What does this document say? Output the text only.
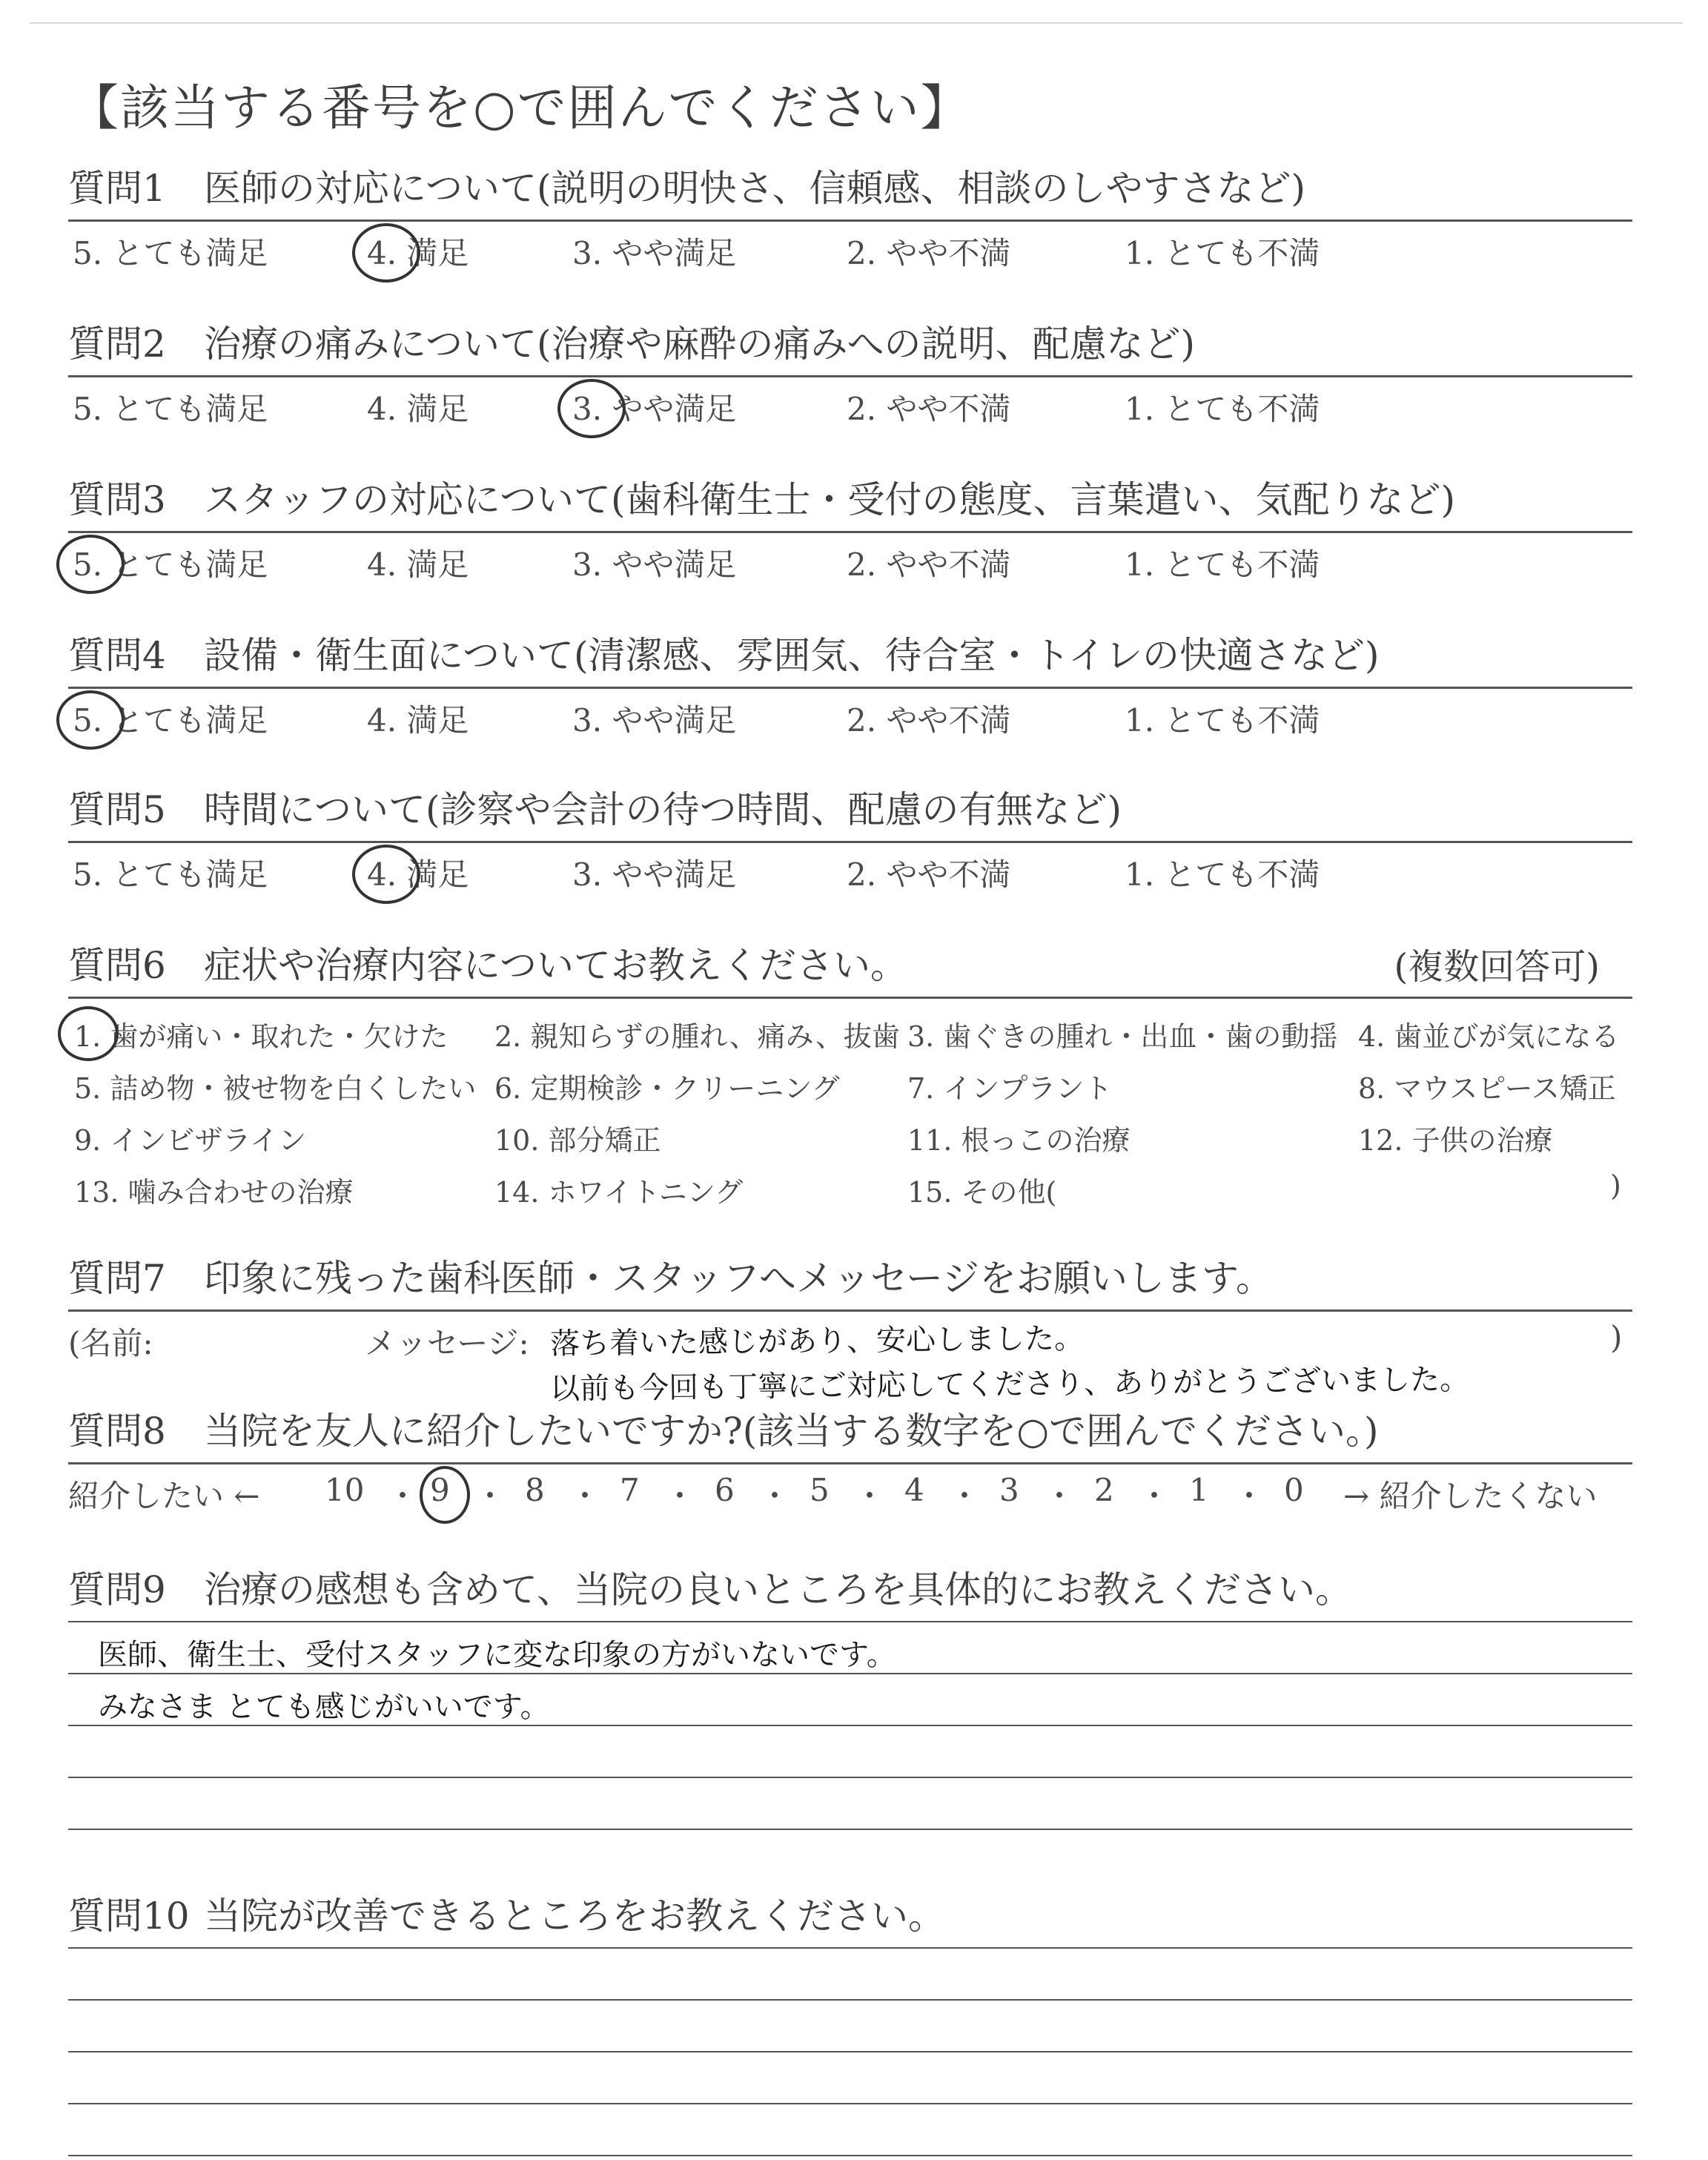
【該当する番号を○で囲んでください】
質問1 医師の対応について(説明の明快さ、信頼感、相談のしやすさなど)
5. とても満足	4. 満足	3. やや満足	2. やや不満	1. とても不満
質問2 治療の痛みについて(治療や麻酔の痛みへの説明、配慮など)
5. とても満足	4. 満足	3. やや満足	2. やや不満	1. とても不満
質問3 スタッフの対応について(歯科衛生士・受付の態度、言葉遣い、気配りなど)
5. とても満足	4. 満足	3. やや満足	2. やや不満	1. とても不満
質問4 設備・衛生面について(清潔感、雰囲気、待合室・トイレの快適さなど)
5. とても満足	4. 満足	3. やや満足	2. やや不満	1. とても不満
質問5 時間について(診察や会計の待つ時間、配慮の有無など)
5. とても満足	4. 満足	3. やや満足	2. やや不満	1. とても不満
質問6 症状や治療内容についてお教えください。	(複数回答可)
1. 歯が痛い・取れた・欠けた 2. 親知らずの腫れ、痛み、抜歯 3. 歯ぐきの腫れ・出血・歯の動揺 4. 歯並びが気になる
5. 詰め物・被せ物を白くしたい 6. 定期検診・クリーニング 7. インプラント	8. マウスピース矯正
9. インビザライン	10. 部分矯正	11. 根っこの治療	12. 子供の治療
13. 噛み合わせの治療	14. ホワイトニング	15. その他(	)
質問7 印象に残った歯科医師・スタッフへメッセージをお願いします。
(名前:	メッセージ:	)
落ち着いた感じがあり、安心しました。
以前も今回も丁寧にご対応してくださり、ありがとうございました。
質問8 当院を友人に紹介したいですか?(該当する数字を○で囲んでください。)
紹介したい ← 10 ・ 9 ・ 8 ・ 7 ・ 6 ・ 5 ・ 4 ・ 3 ・ 2 ・ 1 ・ 0 → 紹介したくない
質問9 治療の感想も含めて、当院の良いところを具体的にお教えください。
医師、衛生士、受付スタッフに変な印象の方がいないです。
みなさま とても感じがいいです。
質問10 当院が改善できるところをお教えください。
